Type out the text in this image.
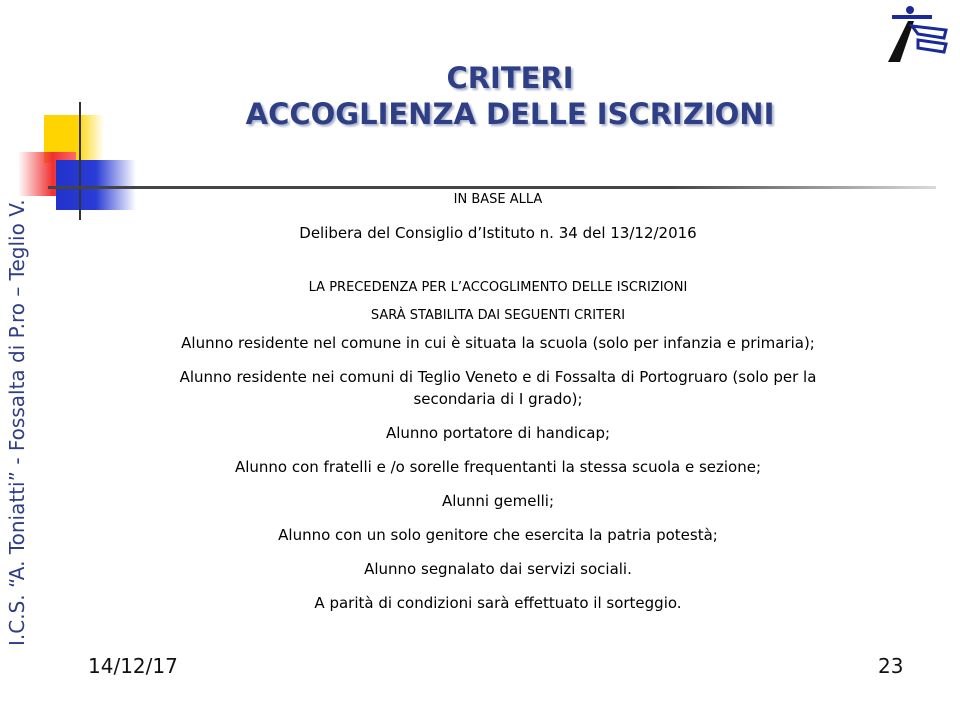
I.C.S. “A. Toniatti” - Fossalta di P.ro – Teglio V.
CRITERI
ACCOGLIENZA DELLE ISCRIZIONI
IN BASE ALLA
Delibera del Consiglio d’Istituto n. 34 del 13/12/2016
LA PRECEDENZA PER L’ACCOGLIMENTO DELLE ISCRIZIONI
SARÀ STABILITA DAI SEGUENTI CRITERI
Alunno residente nel comune in cui è situata la scuola (solo per infanzia e primaria);
Alunno residente nei comuni di Teglio Veneto e di Fossalta di Portogruaro (solo per la secondaria di I grado);
Alunno portatore di handicap;
Alunno con fratelli e /o sorelle frequentanti la stessa scuola e sezione;
Alunni gemelli;
Alunno con un solo genitore che esercita la patria potestà;
Alunno segnalato dai servizi sociali.
A parità di condizioni sarà effettuato il sorteggio.
14/12/17	23
